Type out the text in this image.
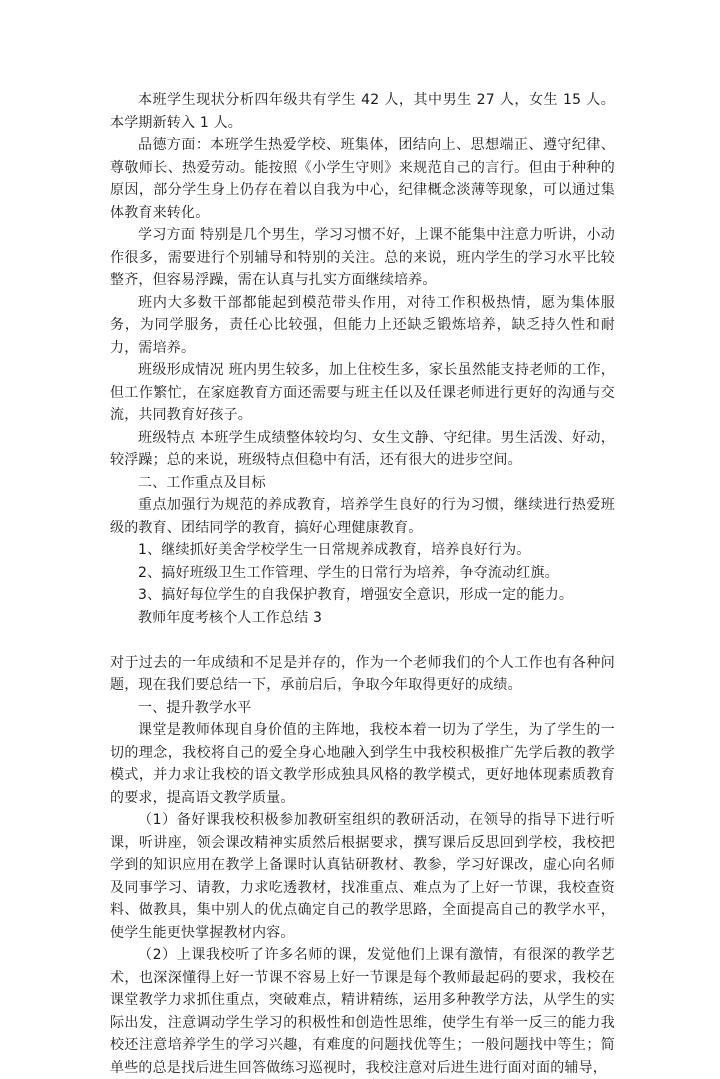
本班学生现状分析四年级共有学生 42 人，其中男生 27 人，女生 15 人。本学期新转入 1 人。

品德方面：本班学生热爱学校、班集体，团结向上、思想端正、遵守纪律、尊敬师长、热爱劳动。能按照《小学生守则》来规范自己的言行。但由于种种的原因，部分学生身上仍存在着以自我为中心，纪律概念淡薄等现象，可以通过集体教育来转化。

学习方面 特别是几个男生，学习习惯不好，上课不能集中注意力听讲，小动作很多，需要进行个别辅导和特别的关注。总的来说，班内学生的学习水平比较整齐，但容易浮躁，需在认真与扎实方面继续培养。

班内大多数干部都能起到模范带头作用，对待工作积极热情，愿为集体服务，为同学服务，责任心比较强，但能力上还缺乏锻炼培养，缺乏持久性和耐力，需培养。

班级形成情况 班内男生较多，加上住校生多，家长虽然能支持老师的工作，但工作繁忙，在家庭教育方面还需要与班主任以及任课老师进行更好的沟通与交流，共同教育好孩子。

班级特点 本班学生成绩整体较均匀、女生文静、守纪律。男生活泼、好动，较浮躁；总的来说，班级特点但稳中有活，还有很大的进步空间。

二、工作重点及目标

重点加强行为规范的养成教育，培养学生良好的行为习惯，继续进行热爱班级的教育、团结同学的教育，搞好心理健康教育。

1、继续抓好美舍学校学生一日常规养成教育，培养良好行为。

2、搞好班级卫生工作管理、学生的日常行为培养，争夺流动红旗。

3、搞好每位学生的自我保护教育，增强安全意识，形成一定的能力。

教师年度考核个人工作总结 3

对于过去的一年成绩和不足是并存的，作为一个老师我们的个人工作也有各种问题，现在我们要总结一下，承前启后，争取今年取得更好的成绩。

一、提升教学水平

课堂是教师体现自身价值的主阵地，我校本着一切为了学生，为了学生的一切的理念，我校将自己的爱全身心地融入到学生中我校积极推广先学后教的教学模式，并力求让我校的语文教学形成独具风格的教学模式，更好地体现素质教育的要求，提高语文教学质量。

（1）备好课我校积极参加教研室组织的教研活动，在领导的指导下进行听课，听讲座，领会课改精神实质然后根据要求，撰写课后反思回到学校，我校把学到的知识应用在教学上备课时认真钻研教材、教参，学习好课改，虚心向名师及同事学习、请教，力求吃透教材，找准重点、难点为了上好一节课，我校查资料、做教具，集中别人的优点确定自己的教学思路，全面提高自己的教学水平，使学生能更快掌握教材内容。

（2）上课我校听了许多名师的课，发觉他们上课有激情，有很深的教学艺术，也深深懂得上好一节课不容易上好一节课是每个教师最起码的要求，我校在课堂教学力求抓住重点，突破难点，精讲精练，运用多种教学方法，从学生的实际出发，注意调动学生学习的积极性和创造性思维，使学生有举一反三的能力我校还注意培养学生的学习兴趣，有难度的问题找优等生；一般问题找中等生；简单些的总是找后进生回答做练习巡视时，我校注意对后进生进行面对面的辅导，
